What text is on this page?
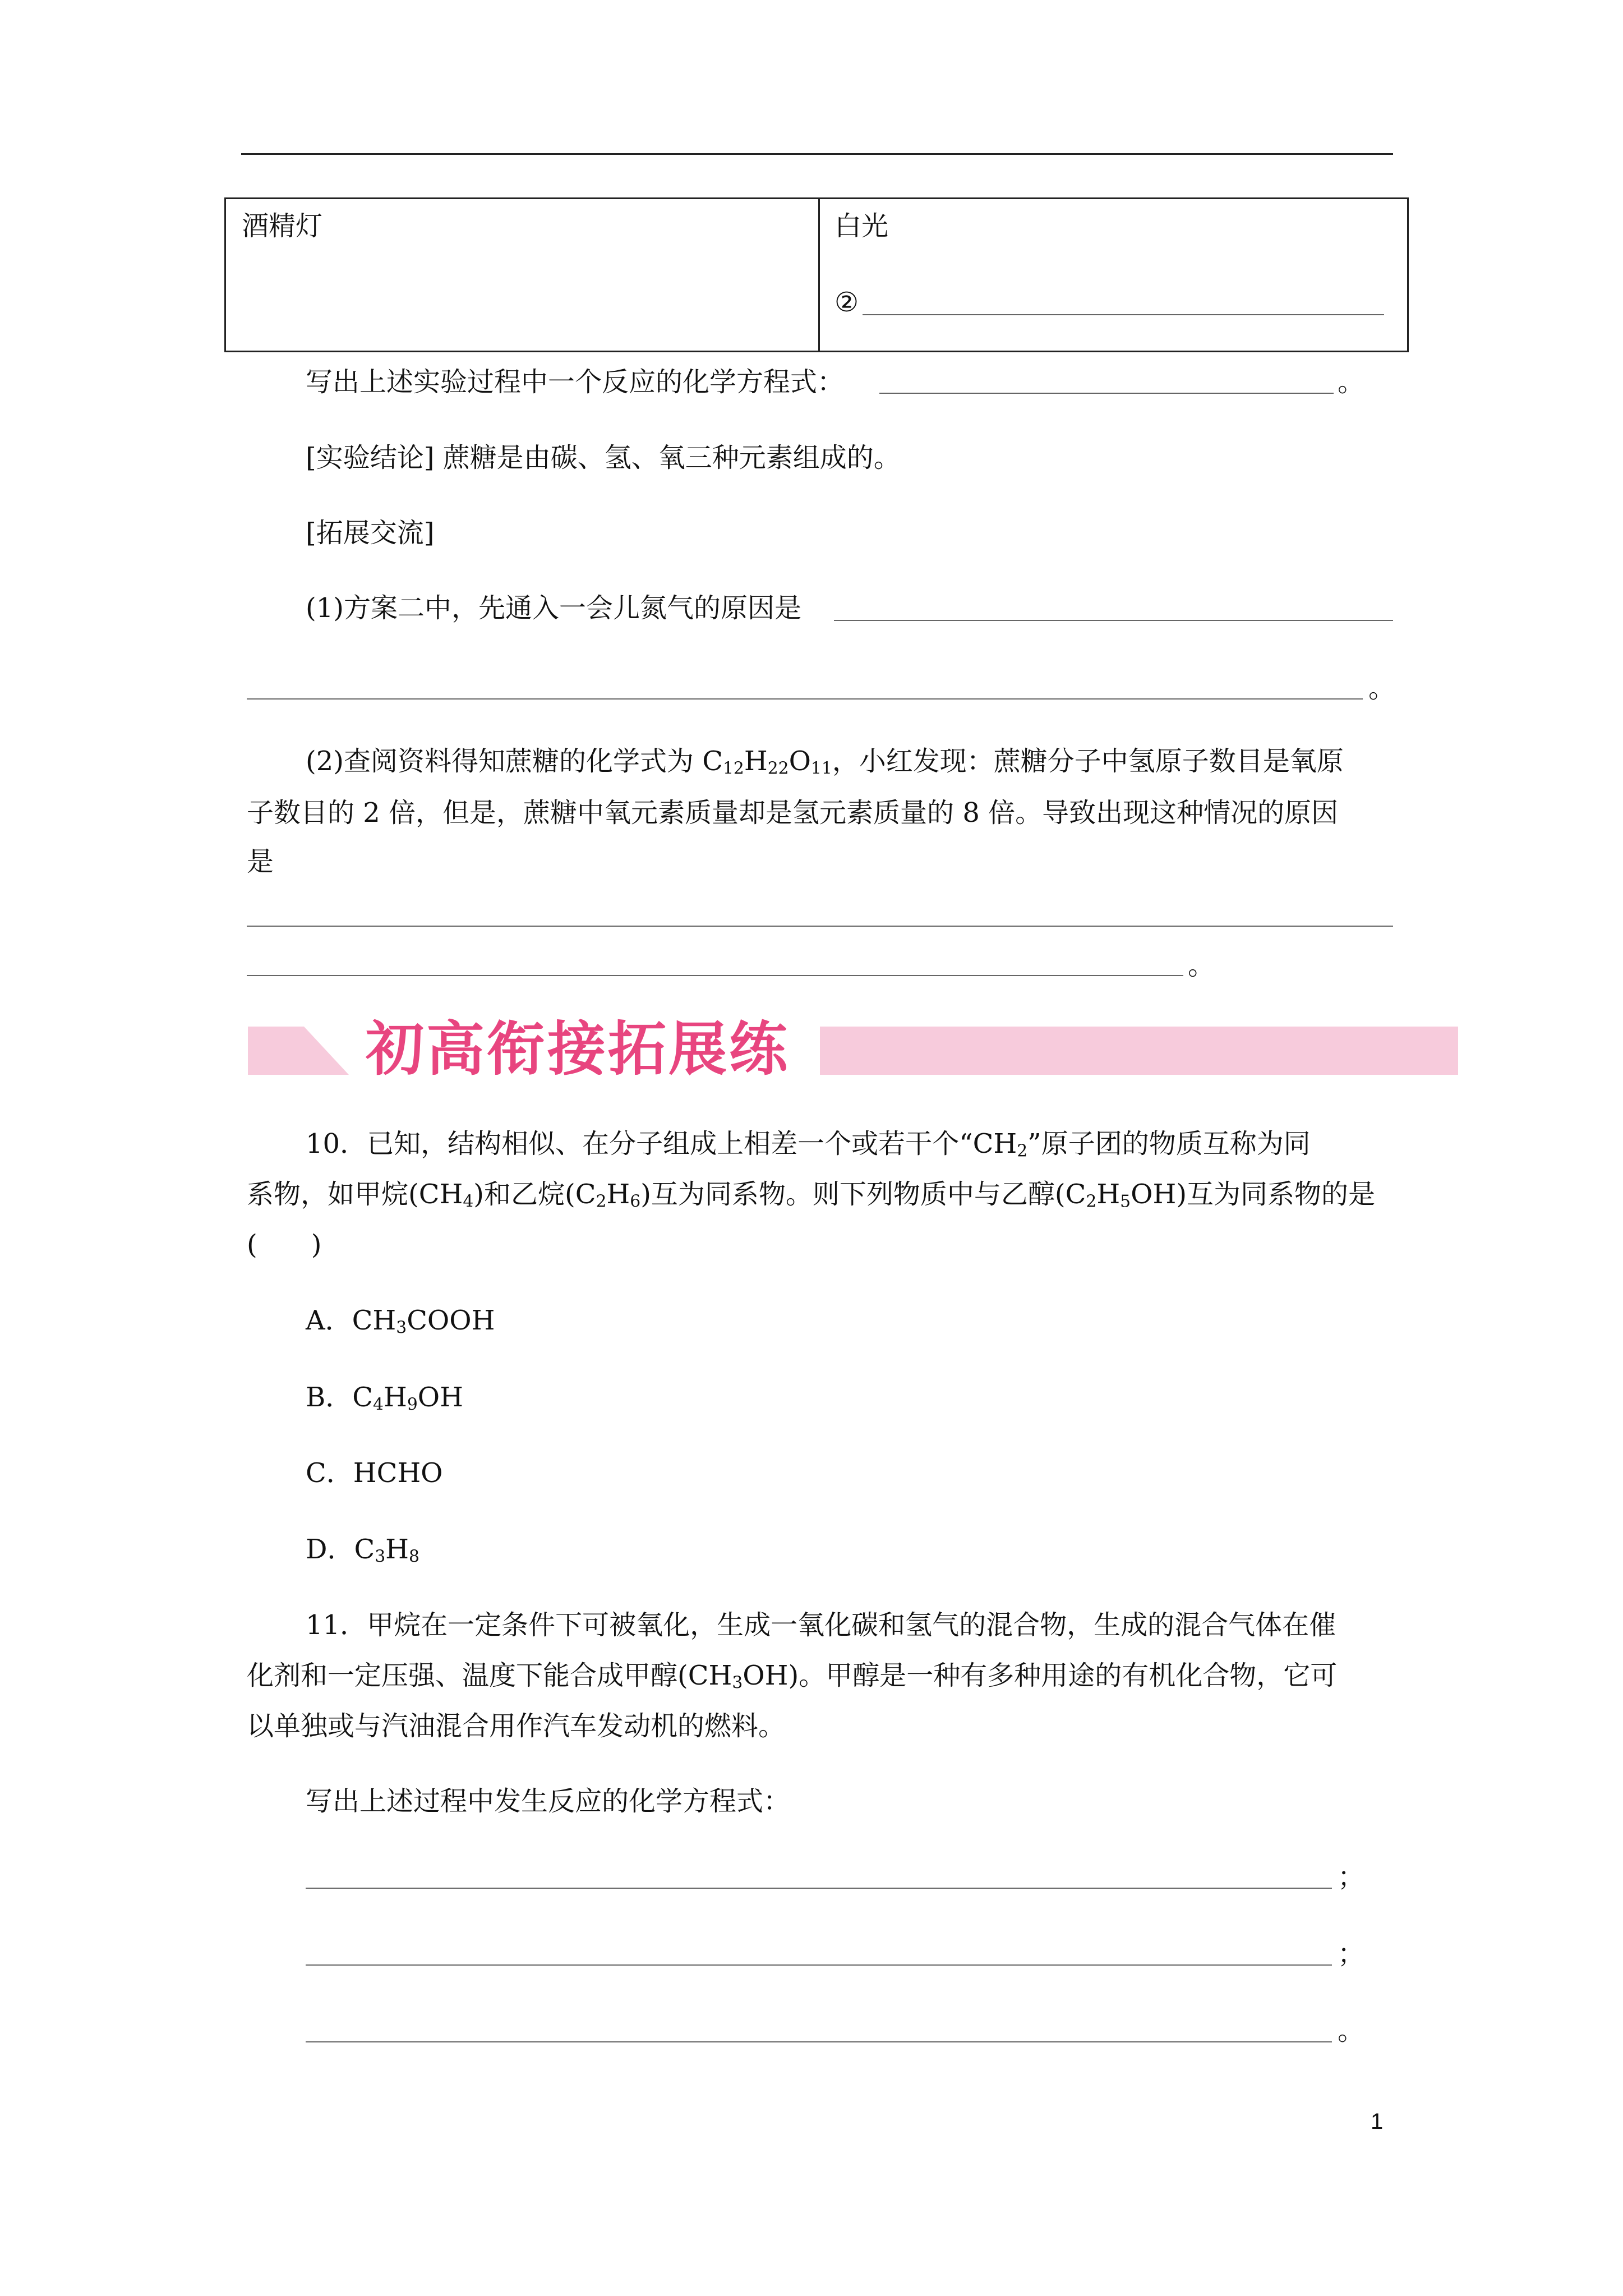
酒精灯	白光
②
写出上述实验过程中一个反应的化学方程式：	。
[实验结论] 蔗糖是由碳、氢、氧三种元素组成的。
[拓展交流]
(1)方案二中，先通入一会儿氮气的原因是
。
(2)查阅资料得知蔗糖的化学式为 $C_{12}H_{22}O_{11}$，小红发现：蔗糖分子中氢原子数目是氧原
子数目的 2 倍，但是，蔗糖中氧元素质量却是氢元素质量的 8 倍。导致出现这种情况的原因
是
。
初高衔接拓展练
10．已知，结构相似、在分子组成上相差一个或若干个“$CH_2$”原子团的物质互称为同
系物，如甲烷$(CH_4)$和乙烷$(C_2H_6)$互为同系物。则下列物质中与乙醇$(C_2H_5OH)$互为同系物的是
(　　)
A．$CH_3COOH$
B．$C_4H_9OH$
C．HCHO
D．$C_3H_8$
11．甲烷在一定条件下可被氧化，生成一氧化碳和氢气的混合物，生成的混合气体在催
化剂和一定压强、温度下能合成甲醇$(CH_3OH)$。甲醇是一种有多种用途的有机化合物，它可
以单独或与汽油混合用作汽车发动机的燃料。
写出上述过程中发生反应的化学方程式：
；
；
。
1
